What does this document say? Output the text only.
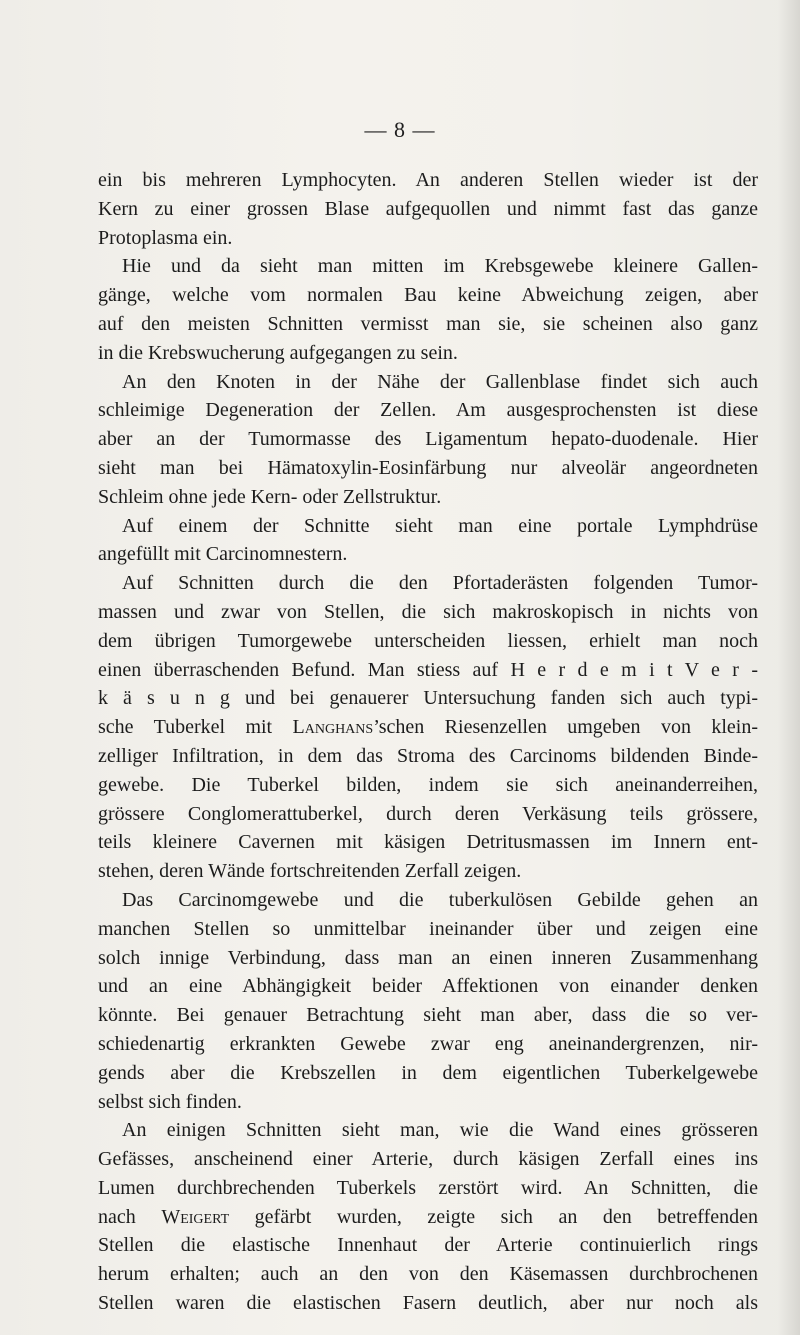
— 8 —
ein bis mehreren Lymphocyten. An anderen Stellen wieder ist der
Kern zu einer grossen Blase aufgequollen und nimmt fast das ganze
Protoplasma ein.
Hie und da sieht man mitten im Krebsgewebe kleinere Gallen-
gänge, welche vom normalen Bau keine Abweichung zeigen, aber
auf den meisten Schnitten vermisst man sie, sie scheinen also ganz
in die Krebswucherung aufgegangen zu sein.
An den Knoten in der Nähe der Gallenblase findet sich auch
schleimige Degeneration der Zellen. Am ausgesprochensten ist diese
aber an der Tumormasse des Ligamentum hepato-duodenale. Hier
sieht man bei Hämatoxylin-Eosinfärbung nur alveolär angeordneten
Schleim ohne jede Kern- oder Zellstruktur.
Auf einem der Schnitte sieht man eine portale Lymphdrüse
angefüllt mit Carcinomnestern.
Auf Schnitten durch die den Pfortaderästen folgenden Tumor-
massen und zwar von Stellen, die sich makroskopisch in nichts von
dem übrigen Tumorgewebe unterscheiden liessen, erhielt man noch
einen überraschenden Befund. Man stiess auf H e r d e m i t V e r -
k ä s u n g und bei genauerer Untersuchung fanden sich auch typi-
sche Tuberkel mit Langhans’schen Riesenzellen umgeben von klein-
zelliger Infiltration, in dem das Stroma des Carcinoms bildenden Binde-
gewebe. Die Tuberkel bilden, indem sie sich aneinanderreihen,
grössere Conglomerattuberkel, durch deren Verkäsung teils grössere,
teils kleinere Cavernen mit käsigen Detritusmassen im Innern ent-
stehen, deren Wände fortschreitenden Zerfall zeigen.
Das Carcinomgewebe und die tuberkulösen Gebilde gehen an
manchen Stellen so unmittelbar ineinander über und zeigen eine
solch innige Verbindung, dass man an einen inneren Zusammenhang
und an eine Abhängigkeit beider Affektionen von einander denken
könnte. Bei genauer Betrachtung sieht man aber, dass die so ver-
schiedenartig erkrankten Gewebe zwar eng aneinandergrenzen, nir-
gends aber die Krebszellen in dem eigentlichen Tuberkelgewebe
selbst sich finden.
An einigen Schnitten sieht man, wie die Wand eines grösseren
Gefässes, anscheinend einer Arterie, durch käsigen Zerfall eines ins
Lumen durchbrechenden Tuberkels zerstört wird. An Schnitten, die
nach Weigert gefärbt wurden, zeigte sich an den betreffenden
Stellen die elastische Innenhaut der Arterie continuierlich rings
herum erhalten; auch an den von den Käsemassen durchbrochenen
Stellen waren die elastischen Fasern deutlich, aber nur noch als
